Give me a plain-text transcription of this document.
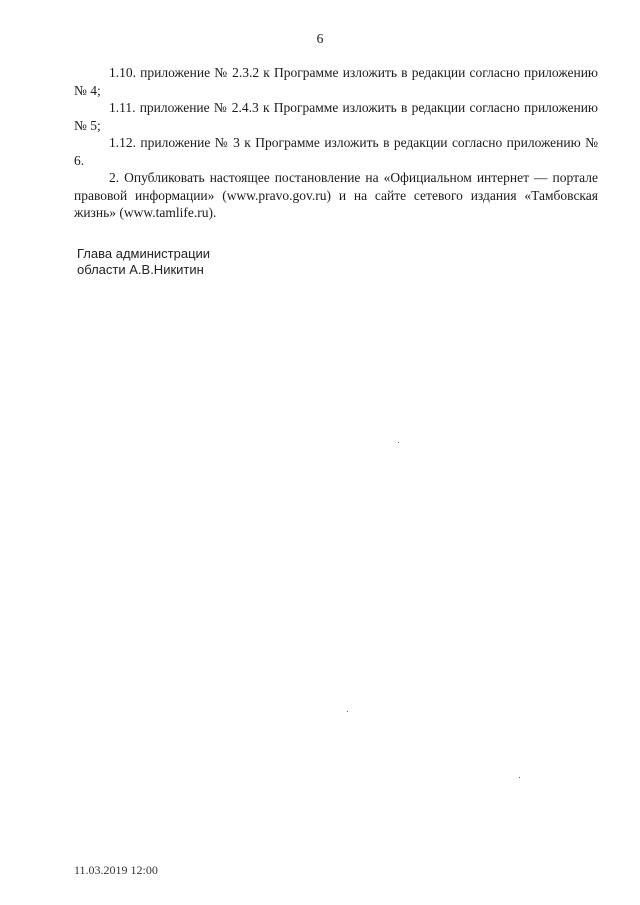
6

1.10. приложение № 2.3.2 к Программе изложить в редакции согласно приложению № 4;

1.11. приложение № 2.4.3 к Программе изложить в редакции согласно приложению № 5;

1.12. приложение № 3 к Программе изложить в редакции согласно приложению № 6.

2. Опубликовать настоящее постановление на «Официальном интернет — портале правовой информации» (www.pravo.gov.ru) и на сайте сетевого издания «Тамбовская жизнь» (www.tamlife.ru).

Глава администрации
области А.В.Никитин
11.03.2019 12:00
